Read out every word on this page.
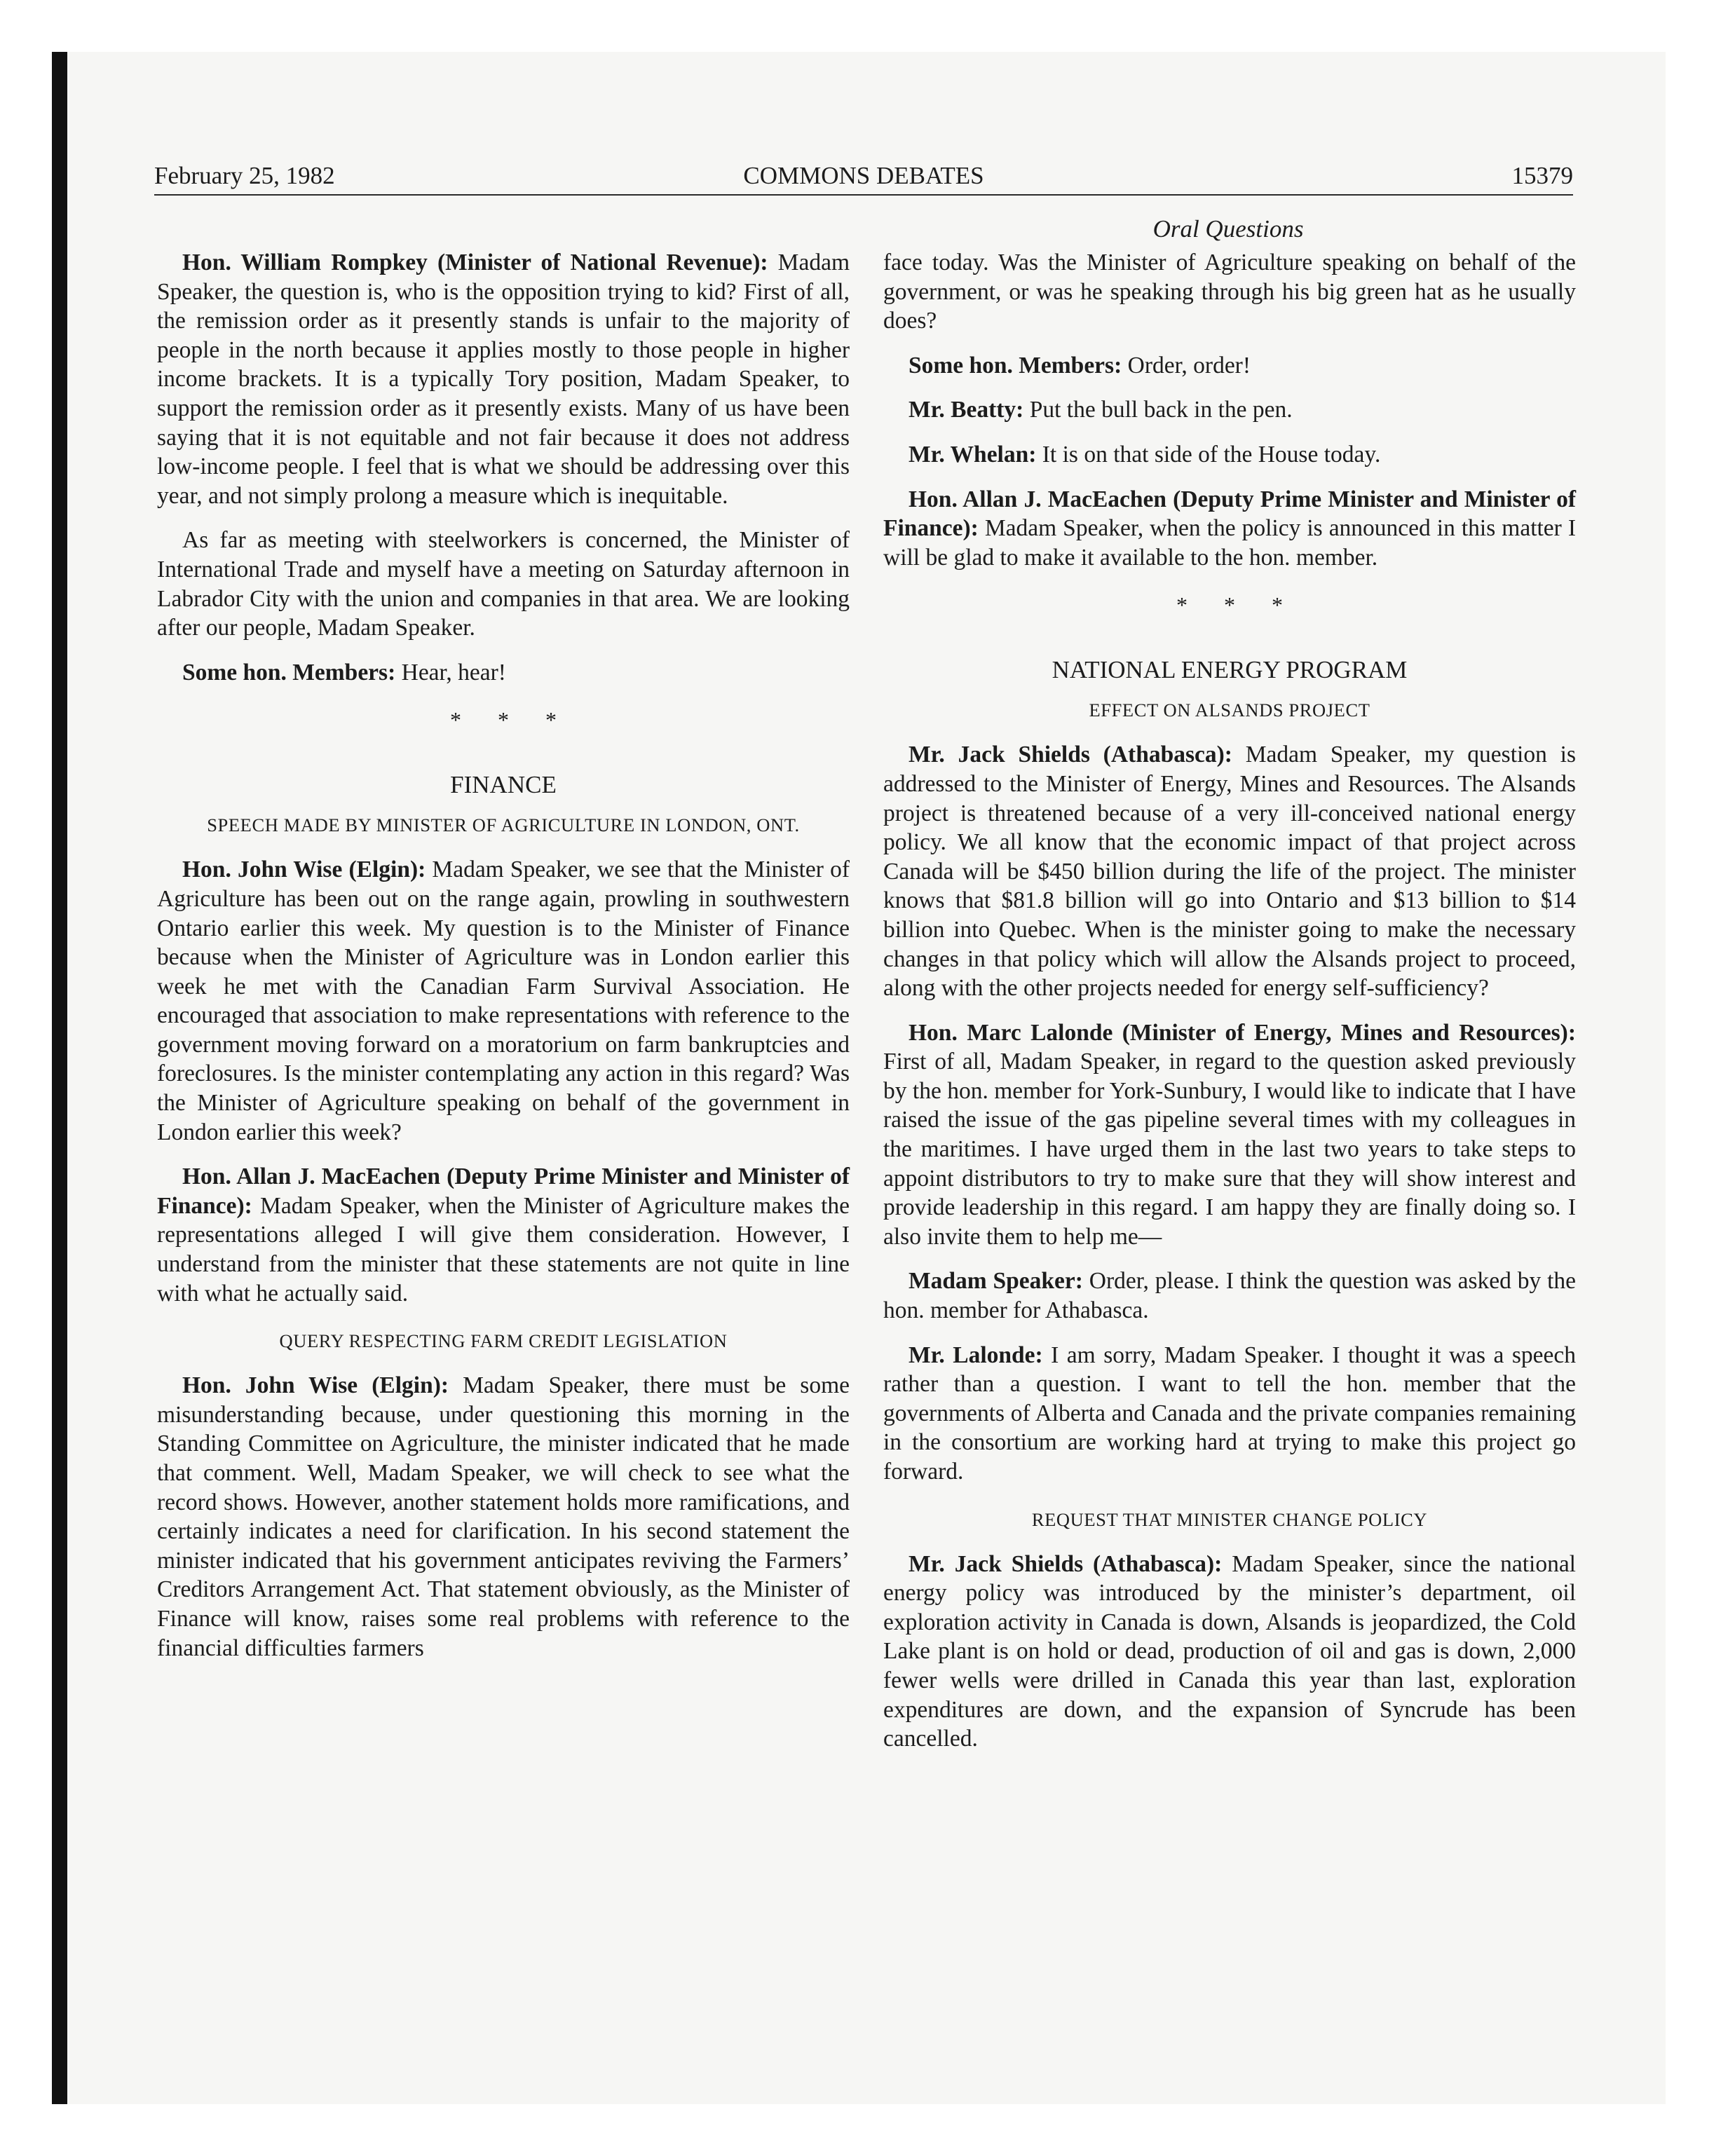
February 25, 1982	COMMONS DEBATES	15379
Oral Questions

Hon. William Rompkey (Minister of National Revenue): Madam Speaker, the question is, who is the opposition trying to kid? First of all, the remission order as it presently stands is unfair to the majority of people in the north because it applies mostly to those people in higher income brackets. It is a typically Tory position, Madam Speaker, to support the remission order as it presently exists. Many of us have been saying that it is not equitable and not fair because it does not address low-income people. I feel that is what we should be addressing over this year, and not simply prolong a measure which is inequitable.

As far as meeting with steelworkers is concerned, the Minister of International Trade and myself have a meeting on Saturday afternoon in Labrador City with the union and companies in that area. We are looking after our people, Madam Speaker.

Some hon. Members: Hear, hear!

* * *
FINANCE
SPEECH MADE BY MINISTER OF AGRICULTURE IN LONDON, ONT.

Hon. John Wise (Elgin): Madam Speaker, we see that the Minister of Agriculture has been out on the range again, prowling in southwestern Ontario earlier this week. My question is to the Minister of Finance because when the Minister of Agriculture was in London earlier this week he met with the Canadian Farm Survival Association. He encouraged that association to make representations with reference to the government moving forward on a moratorium on farm bankruptcies and foreclosures. Is the minister contemplating any action in this regard? Was the Minister of Agriculture speaking on behalf of the government in London earlier this week?

Hon. Allan J. MacEachen (Deputy Prime Minister and Minister of Finance): Madam Speaker, when the Minister of Agriculture makes the representations alleged I will give them consideration. However, I understand from the minister that these statements are not quite in line with what he actually said.

QUERY RESPECTING FARM CREDIT LEGISLATION

Hon. John Wise (Elgin): Madam Speaker, there must be some misunderstanding because, under questioning this morning in the Standing Committee on Agriculture, the minister indicated that he made that comment. Well, Madam Speaker, we will check to see what the record shows. However, another statement holds more ramifications, and certainly indicates a need for clarification. In his second statement the minister indicated that his government anticipates reviving the Farmers’ Creditors Arrangement Act. That statement obviously, as the Minister of Finance will know, raises some real problems with reference to the financial difficulties farmers

face today. Was the Minister of Agriculture speaking on behalf of the government, or was he speaking through his big green hat as he usually does?

Some hon. Members: Order, order!

Mr. Beatty: Put the bull back in the pen.

Mr. Whelan: It is on that side of the House today.

Hon. Allan J. MacEachen (Deputy Prime Minister and Minister of Finance): Madam Speaker, when the policy is announced in this matter I will be glad to make it available to the hon. member.

* * *
NATIONAL ENERGY PROGRAM
EFFECT ON ALSANDS PROJECT

Mr. Jack Shields (Athabasca): Madam Speaker, my question is addressed to the Minister of Energy, Mines and Resources. The Alsands project is threatened because of a very ill-conceived national energy policy. We all know that the economic impact of that project across Canada will be $450 billion during the life of the project. The minister knows that $81.8 billion will go into Ontario and $13 billion to $14 billion into Quebec. When is the minister going to make the necessary changes in that policy which will allow the Alsands project to proceed, along with the other projects needed for energy self-sufficiency?

Hon. Marc Lalonde (Minister of Energy, Mines and Resources): First of all, Madam Speaker, in regard to the question asked previously by the hon. member for York-Sunbury, I would like to indicate that I have raised the issue of the gas pipeline several times with my colleagues in the maritimes. I have urged them in the last two years to take steps to appoint distributors to try to make sure that they will show interest and provide leadership in this regard. I am happy they are finally doing so. I also invite them to help me—

Madam Speaker: Order, please. I think the question was asked by the hon. member for Athabasca.

Mr. Lalonde: I am sorry, Madam Speaker. I thought it was a speech rather than a question. I want to tell the hon. member that the governments of Alberta and Canada and the private companies remaining in the consortium are working hard at trying to make this project go forward.

REQUEST THAT MINISTER CHANGE POLICY

Mr. Jack Shields (Athabasca): Madam Speaker, since the national energy policy was introduced by the minister’s department, oil exploration activity in Canada is down, Alsands is jeopardized, the Cold Lake plant is on hold or dead, production of oil and gas is down, 2,000 fewer wells were drilled in Canada this year than last, exploration expenditures are down, and the expansion of Syncrude has been cancelled.
